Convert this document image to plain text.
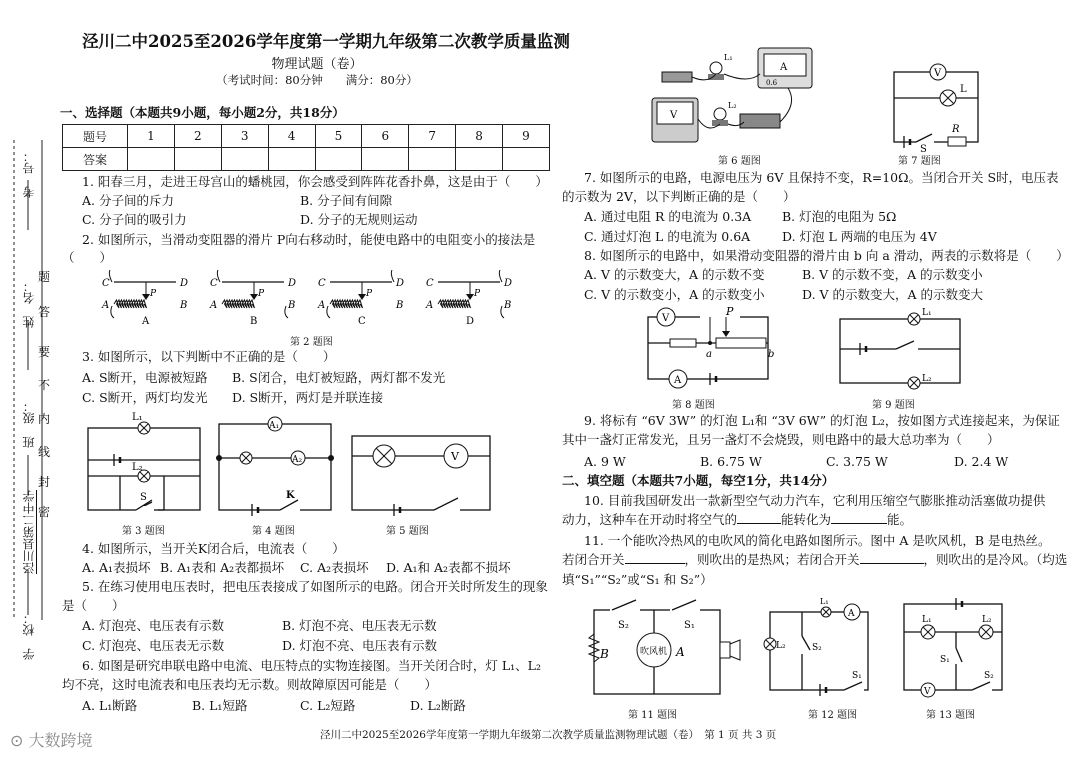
学　校：
泾川县第二中学
班　级：
姓　名：
考　号：
密
封
线
内
不
要
答
题
泾川二中2025至2026学年度第一学期九年级第二次教学质量监测
物理试题（卷）
（考试时间：80分钟　　满分：80分）
一、选择题（本题共9小题，每小题2分，共18分）
题号	1	2	3	4	5	6	7	8	9
答案									
1. 阳春三月，走进王母宫山的蟠桃园，你会感受到阵阵花香扑鼻，这是由于（　　）
A. 分子间的斥力	B. 分子间有间隙
C. 分子间的吸引力	D. 分子的无规则运动
2. 如图所示，当滑动变阻器的滑片 P向右移动时，能使电路中的电阻变小的接法是
（　　）
C	D
A	B
P
A
C	D
A	B
P
B
C	D
A	B
P
C
C	D
A	B
P
D
第 2 题图
3. 如图所示，以下判断中不正确的是（　　）
A. S断开，电源被短路 B. S闭合，电灯被短路，两灯都不发光
C. S断开，两灯均发光 D. S断开，两灯是并联连接
L₁
L₂
S
A₁
A₂
K
V
第 3 题图	第 4 题图	第 5 题图
4. 如图所示，当开关K闭合后，电流表（　　）
A. A₁表损坏 B. A₁表和 A₂表都损坏 C. A₂表损坏 D. A₁和 A₂表都不损坏
5. 在练习使用电压表时，把电压表接成了如图所示的电路。闭合开关时所发生的现象
是（　　）
A. 灯泡亮、电压表有示数	B. 灯泡不亮、电压表无示数
C. 灯泡亮、电压表无示数	D. 灯泡不亮、电压表有示数
6. 如图是研究串联电路中电流、电压特点的实物连接图。当开关闭合时，灯 L₁、L₂
均不亮，这时电流表和电压表均无示数。则故障原因可能是（　　）
A. L₁断路	B. L₁短路	C. L₂短路	D. L₂断路
A
0.6
V
L₁
L₂
第 6 题图
V
L
S
R
第 7 题图
7. 如图所示的电路，电源电压为 6V 且保持不变，R=10Ω。当闭合开关 S时，电压表
的示数为 2V，以下判断正确的是（　　）
A. 通过电阻 R 的电流为 0.3A B. 灯泡的电阻为 5Ω
C. 通过灯泡 L 的电流为 0.6A	D. 灯泡 L 两端的电压为 4V
8. 如图所示的电路中，如果滑动变阻器的滑片由 b 向 a 滑动，两表的示数将是（　　）
A. V 的示数变大，A 的示数不变	B. V 的示数不变，A 的示数变小
C. V 的示数变小，A 的示数变小	D. V 的示数变大，A 的示数变大
V
P
a	b
A
第 8 题图
L₁
L₂
第 9 题图
9. 将标有 “6V 3W” 的灯泡 L₁和 “3V 6W” 的灯泡 L₂，按如图方式连接起来，为保证
其中一盏灯正常发光，且另一盏灯不会烧毁，则电路中的最大总功率为（　　）
A. 9 W	B. 6.75 W	C. 3.75 W	D. 2.4 W
二、填空题（本题共7小题，每空1分，共14分）
10. 目前我国研发出一款新型空气动力汽车，它利用压缩空气膨胀推动活塞做功提供
动力，这种车在开动时将空气的	能转化为	能。
11. 一个能吹冷热风的电吹风的简化电路如图所示。图中 A 是吹风机，B 是电热丝。
若闭合开关	，则吹出的是热风；若闭合开关	，则吹出的是冷风。（均选
填“S₁”“S₂”或“S₁ 和 S₂”）
吹风机 A
B
S₂	S₁
第 11 题图
L₁
A
L₂	S₂
S₁
第 12 题图
L₁	L₂
S₁
S₂
V
第 13 题图
泾川二中2025至2026学年度第一学期九年级第二次教学质量监测物理试题（卷）　第 1 页 共 3 页
⊙ 大数跨境
